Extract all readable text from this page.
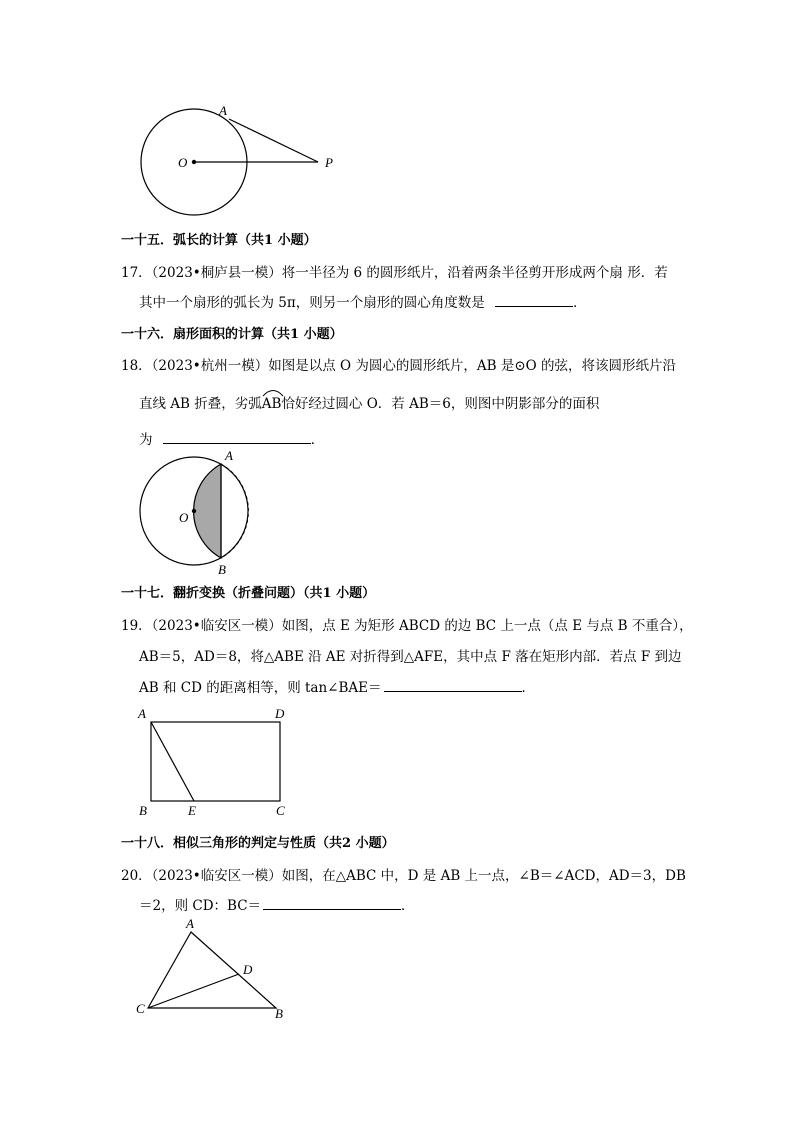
A
O	P
一十五．弧长的计算（共1 小题）
17．（2023•桐庐县一模）将一半径为 6 的圆形纸片，沿着两条半径剪开形成两个扇 形．若
其中一个扇形的弧长为 5π，则另一个扇形的圆心角度数是	．
一十六．扇形面积的计算（共1 小题）
18．（2023•杭州一模）如图是以点 O 为圆心的圆形纸片，AB 是⊙O 的弦，将该圆形纸片沿
直线 AB 折叠，劣弧
AB恰好经过圆心 O．若 AB＝6，则图中阴影部分的面积
为	．
A
O
B
一十七．翻折变换（折叠问题）（共1 小题）
19．（2023•临安区一模）如图，点 E 为矩形 ABCD 的边 BC 上一点（点 E 与点 B 不重合），
AB＝5，AD＝8，将△ABE 沿 AE 对折得到△AFE，其中点 F 落在矩形内部．若点 F 到边
AB 和 CD 的距离相等，则 tan∠BAE＝	．
A	D
B	E	C
一十八．相似三角形的判定与性质（共2 小题）
20．（2023•临安区一模）如图，在△ABC 中，D 是 AB 上一点，∠B＝∠ACD，AD＝3，DB
＝2，则 CD：BC＝	．
A
D
C	B
